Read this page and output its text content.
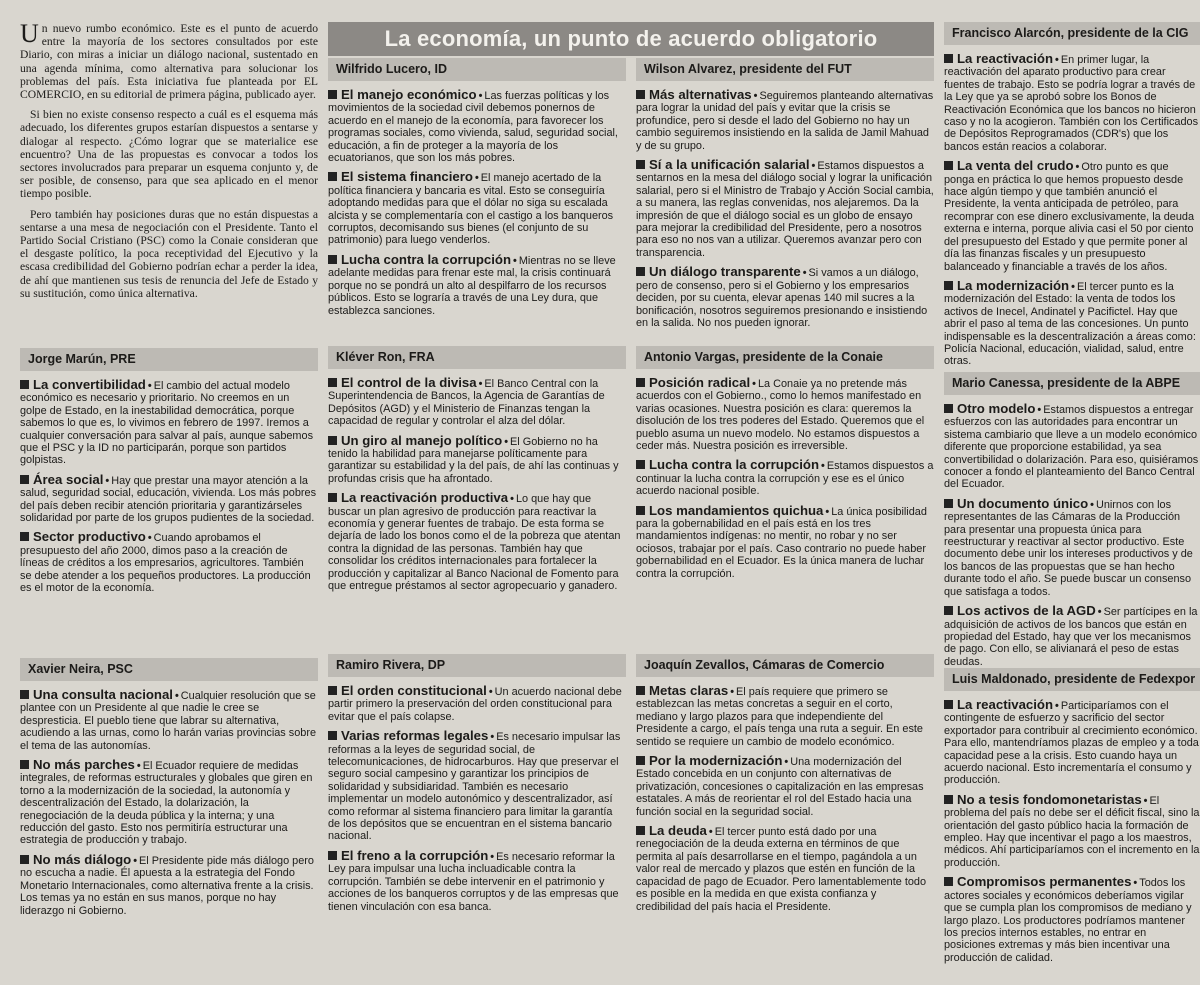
La economía, un punto de acuerdo obligatorio

Un nuevo rumbo económico. Este es el punto de acuerdo entre la mayoría de los sectores consultados por este Diario, con miras a iniciar un diálogo nacional, sustentado en una agenda mínima, como alternativa para solucionar los problemas del país. Esta iniciativa fue planteada por EL COMERCIO, en su editorial de primera página, publicado ayer.

Si bien no existe consenso respecto a cuál es el esquema más adecuado, los diferentes grupos estarían dispuestos a sentarse y dialogar al respecto. ¿Cómo lograr que se materialice ese encuentro? Una de las propuestas es convocar a todos los sectores involucrados para preparar un esquema conjunto y, de ser posible, de consenso, para que sea aplicado en el menor tiempo posible.

Pero también hay posiciones duras que no están dispuestas a sentarse a una mesa de negociación con el Presidente. Tanto el Partido Social Cristiano (PSC) como la Conaie consideran que el desgaste político, la poca receptividad del Ejecutivo y la escasa credibilidad del Gobierno podrían echar a perder la idea, de ahí que mantienen sus tesis de renuncia del Jefe de Estado y su sustitución, como única alternativa.

Jorge Marún, PRE

La convertibilidad • El cambio del actual modelo económico es necesario y prioritario. No creemos en un golpe de Estado, en la inestabilidad democrática, porque sabemos lo que es, lo vivimos en febrero de 1997. Iremos a cualquier conversación para salvar al país, aunque sabemos que el PSC y la ID no participarán, porque son partidos golpistas.

Área social • Hay que prestar una mayor atención a la salud, seguridad social, educación, vivienda. Los más pobres del país deben recibir atención prioritaria y garantizárseles solidaridad por parte de los grupos pudientes de la sociedad.

Sector productivo • Cuando aprobamos el presupuesto del año 2000, dimos paso a la creación de líneas de créditos a los empresarios, agricultores. También se debe atender a los pequeños productores. La producción es el motor de la economía.

Xavier Neira, PSC

Una consulta nacional • Cualquier resolución que se plantee con un Presidente al que nadie le cree se despresticia. El pueblo tiene que labrar su alternativa, acudiendo a las urnas, como lo harán varias provincias sobre el tema de las autonomías.

No más parches • El Ecuador requiere de medidas integrales, de reformas estructurales y globales que giren en torno a la modernización de la sociedad, la autonomía y descentralización del Estado, la dolarización, la renegociación de la deuda pública y la interna; y una reducción del gasto. Esto nos permitiría estructurar una estrategia de producción y trabajo.

No más diálogo • El Presidente pide más diálogo pero no escucha a nadie. Él apuesta a la estrategia del Fondo Monetario Internacionales, como alternativa frente a la crisis. Los temas ya no están en sus manos, porque no hay liderazgo ni Gobierno.

Wilfrido Lucero, ID

El manejo económico • Las fuerzas políticas y los movimientos de la sociedad civil debemos ponernos de acuerdo en el manejo de la economía, para favorecer los programas sociales, como vivienda, salud, seguridad social, educación, a fin de proteger a la mayoría de los ecuatorianos, que son los más pobres.

El sistema financiero • El manejo acertado de la política financiera y bancaria es vital. Esto se conseguiría adoptando medidas para que el dólar no siga su escalada alcista y se complementaría con el castigo a los banqueros corruptos, decomisando sus bienes (el conjunto de su patrimonio) para luego venderlos.

Lucha contra la corrupción • Mientras no se lleve adelante medidas para frenar este mal, la crisis continuará porque no se pondrá un alto al despilfarro de los recursos públicos. Esto se lograría a través de una Ley dura, que establezca sanciones.

Kléver Ron, FRA

El control de la divisa • El Banco Central con la Superintendencia de Bancos, la Agencia de Garantías de Depósitos (AGD) y el Ministerio de Finanzas tengan la capacidad de regular y controlar el alza del dólar.

Un giro al manejo político • El Gobierno no ha tenido la habilidad para manejarse políticamente para garantizar su estabilidad y la del país, de ahí las continuas y profundas crisis que ha afrontado.

La reactivación productiva • Lo que hay que buscar un plan agresivo de producción para reactivar la economía y generar fuentes de trabajo. De esta forma se dejaría de lado los bonos como el de la pobreza que atentan contra la dignidad de las personas. También hay que consolidar los créditos internacionales para fortalecer la producción y capitalizar al Banco Nacional de Fomento para que entregue préstamos al sector agropecuario y ganadero.

Ramiro Rivera, DP

El orden constitucional • Un acuerdo nacional debe partir primero la preservación del orden constitucional para evitar que el país colapse.

Varias reformas legales • Es necesario impulsar las reformas a la leyes de seguridad social, de telecomunicaciones, de hidrocarburos. Hay que preservar el seguro social campesino y garantizar los principios de solidaridad y subsidiaridad. También es necesario implementar un modelo autonómico y descentralizador, así como reformar al sistema financiero para limitar la garantía de los depósitos que se encuentran en el sistema bancario nacional.

El freno a la corrupción • Es necesario reformar la Ley para impulsar una lucha incluadicable contra la corrupción. También se debe intervenir en el patrimonio y acciones de los banqueros corruptos y de las empresas que tienen vinculación con esa banca.

Wilson Alvarez, presidente del FUT

Más alternativas • Seguiremos planteando alternativas para lograr la unidad del país y evitar que la crisis se profundice, pero si desde el lado del Gobierno no hay un cambio seguiremos insistiendo en la salida de Jamil Mahuad y de su grupo.

Sí a la unificación salarial • Estamos dispuestos a sentarnos en la mesa del diálogo social y lograr la unificación salarial, pero si el Ministro de Trabajo y Acción Social cambia, a su manera, las reglas convenidas, nos alejaremos. Da la impresión de que el diálogo social es un globo de ensayo para mejorar la credibilidad del Presidente, pero a nosotros para eso no nos van a utilizar. Queremos avanzar pero con transparencia.

Un diálogo transparente • Si vamos a un diálogo, pero de consenso, pero si el Gobierno y los empresarios deciden, por su cuenta, elevar apenas 140 mil sucres a la bonificación, nosotros seguiremos presionando e insistiendo en la salida. No nos pueden ignorar.

Antonio Vargas, presidente de la Conaie

Posición radical • La Conaie ya no pretende más acuerdos con el Gobierno., como lo hemos manifestado en varias ocasiones. Nuestra posición es clara: queremos la disolución de los tres poderes del Estado. Queremos que el pueblo asuma un nuevo modelo. No estamos dispuestos a ceder más. Nuestra posición es irreversible.

Lucha contra la corrupción • Estamos dispuestos a continuar la lucha contra la corrupción y ese es el único acuerdo nacional posible.

Los mandamientos quichua • La única posibilidad para la gobernabilidad en el país está en los tres mandamientos indígenas: no mentir, no robar y no ser ociosos, trabajar por el país. Caso contrario no puede haber gobernabilidad en el Ecuador. Es la única manera de luchar contra la corrupción.

Joaquín Zevallos, Cámaras de Comercio

Metas claras • El país requiere que primero se establezcan las metas concretas a seguir en el corto, mediano y largo plazos para que independiente del Presidente a cargo, el país tenga una ruta a seguir. En este sentido se requiere un cambio de modelo económico.

Por la modernización • Una modernización del Estado concebida en un conjunto con alternativas de privatización, concesiones o capitalización en las empresas estatales. A más de reorientar el rol del Estado hacia una función social en la seguridad social.

La deuda • El tercer punto está dado por una renegociación de la deuda externa en términos de que permita al país desarrollarse en el tiempo, pagándola a un valor real de mercado y plazos que estén en función de la capacidad de pago de Ecuador. Pero lamentablemente todo es posible en la medida en que exista confianza y credibilidad del país hacia el Presidente.

Francisco Alarcón, presidente de la CIG

La reactivación • En primer lugar, la reactivación del aparato productivo para crear fuentes de trabajo. Esto se podría lograr a través de la Ley que ya se aprobó sobre los Bonos de Reactivación Económica que los bancos no hicieron caso y no la acogieron. También con los Certificados de Depósitos Reprogramados (CDR's) que los bancos están reacios a colaborar.

La venta del crudo • Otro punto es que ponga en práctica lo que hemos propuesto desde hace algún tiempo y que también anunció el Presidente, la venta anticipada de petróleo, para recomprar con ese dinero exclusivamente, la deuda externa e interna, porque alivia casi el 50 por ciento del presupuesto del Estado y que permite poner al día las finanzas fiscales y un presupuesto balanceado y financiable a través de los años.

La modernización • El tercer punto es la modernización del Estado: la venta de todos los activos de Inecel, Andinatel y Pacifictel. Hay que abrir el paso al tema de las concesiones. Un punto indispensable es la descentralización a áreas como: Policía Nacional, educación, vialidad, salud, entre otras.

Mario Canessa, presidente de la ABPE

Otro modelo • Estamos dispuestos a entregar esfuerzos con las autoridades para encontrar un sistema cambiario que lleve a un modelo económico diferente que proporcione estabilidad, ya sea convertibilidad o dolarización. Para eso, quisiéramos conocer a fondo el planteamiento del Banco Central del Ecuador.

Un documento único • Unirnos con los representantes de las Cámaras de la Producción para presentar una propuesta única para reestructurar y reactivar al sector productivo. Este documento debe unir los intereses productivos y de los bancos de las propuestas que se han hecho durante todo el año. Se puede buscar un consenso que satisfaga a todos.

Los activos de la AGD • Ser partícipes en la adquisición de activos de los bancos que están en propiedad del Estado, hay que ver los mecanismos de pago. Con ello, se alivianará el peso de estas deudas.

Luis Maldonado, presidente de Fedexpor

La reactivación • Participaríamos con el contingente de esfuerzo y sacrificio del sector exportador para contribuir al crecimiento económico. Para ello, mantendríamos plazas de empleo y a toda capacidad pese a la crisis. Esto cuando haya un acuerdo nacional. Esto incrementaría el consumo y producción.

No a tesis fondomonetaristas • El problema del país no debe ser el déficit fiscal, sino la orientación del gasto público hacia la formación de empleo. Hay que incentivar el pago a los maestros, médicos. Ahí participaríamos con el incremento en la producción.

Compromisos permanentes • Todos los actores sociales y económicos deberíamos vigilar que se cumpla plan los compromisos de mediano y largo plazo. Los productores podríamos mantener los precios internos estables, no entrar en posiciones extremas y más bien incentivar una producción de calidad.
